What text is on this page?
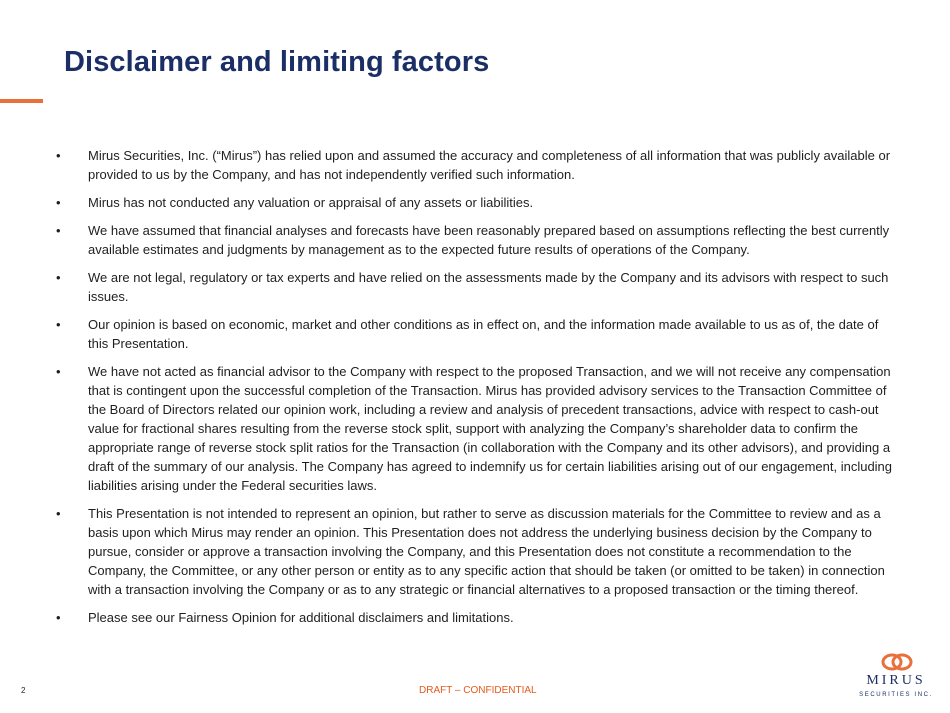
Disclaimer and limiting factors
•	Mirus Securities, Inc. (“Mirus”) has relied upon and assumed the accuracy and completeness of all information that was publicly available or provided to us by the Company, and has not independently verified such information.
•	Mirus has not conducted any valuation or appraisal of any assets or liabilities.
•	We have assumed that financial analyses and forecasts have been reasonably prepared based on assumptions reflecting the best currently available estimates and judgments by management as to the expected future results of operations of the Company.
•	We are not legal, regulatory or tax experts and have relied on the assessments made by the Company and its advisors with respect to such issues.
•	Our opinion is based on economic, market and other conditions as in effect on, and the information made available to us as of, the date of this Presentation.
•	We have not acted as financial advisor to the Company with respect to the proposed Transaction, and we will not receive any compensation that is contingent upon the successful completion of the Transaction. Mirus has provided advisory services to the Transaction Committee of the Board of Directors related our opinion work, including a review and analysis of precedent transactions, advice with respect to cash-out value for fractional shares resulting from the reverse stock split, support with analyzing the Company’s shareholder data to confirm the appropriate range of reverse stock split ratios for the Transaction (in collaboration with the Company and its other advisors), and providing a draft of the summary of our analysis. The Company has agreed to indemnify us for certain liabilities arising out of our engagement, including liabilities arising under the Federal securities laws.
•	This Presentation is not intended to represent an opinion, but rather to serve as discussion materials for the Committee to review and as a basis upon which Mirus may render an opinion. This Presentation does not address the underlying business decision by the Company to pursue, consider or approve a transaction involving the Company, and this Presentation does not constitute a recommendation to the Company, the Committee, or any other person or entity as to any specific action that should be taken (or omitted to be taken) in connection with a transaction involving the Company or as to any strategic or financial alternatives to a proposed transaction or the timing thereof.
•	Please see our Fairness Opinion for additional disclaimers and limitations.
2	DRAFT – CONFIDENTIAL
MIRUS
SECURITIES INC.
